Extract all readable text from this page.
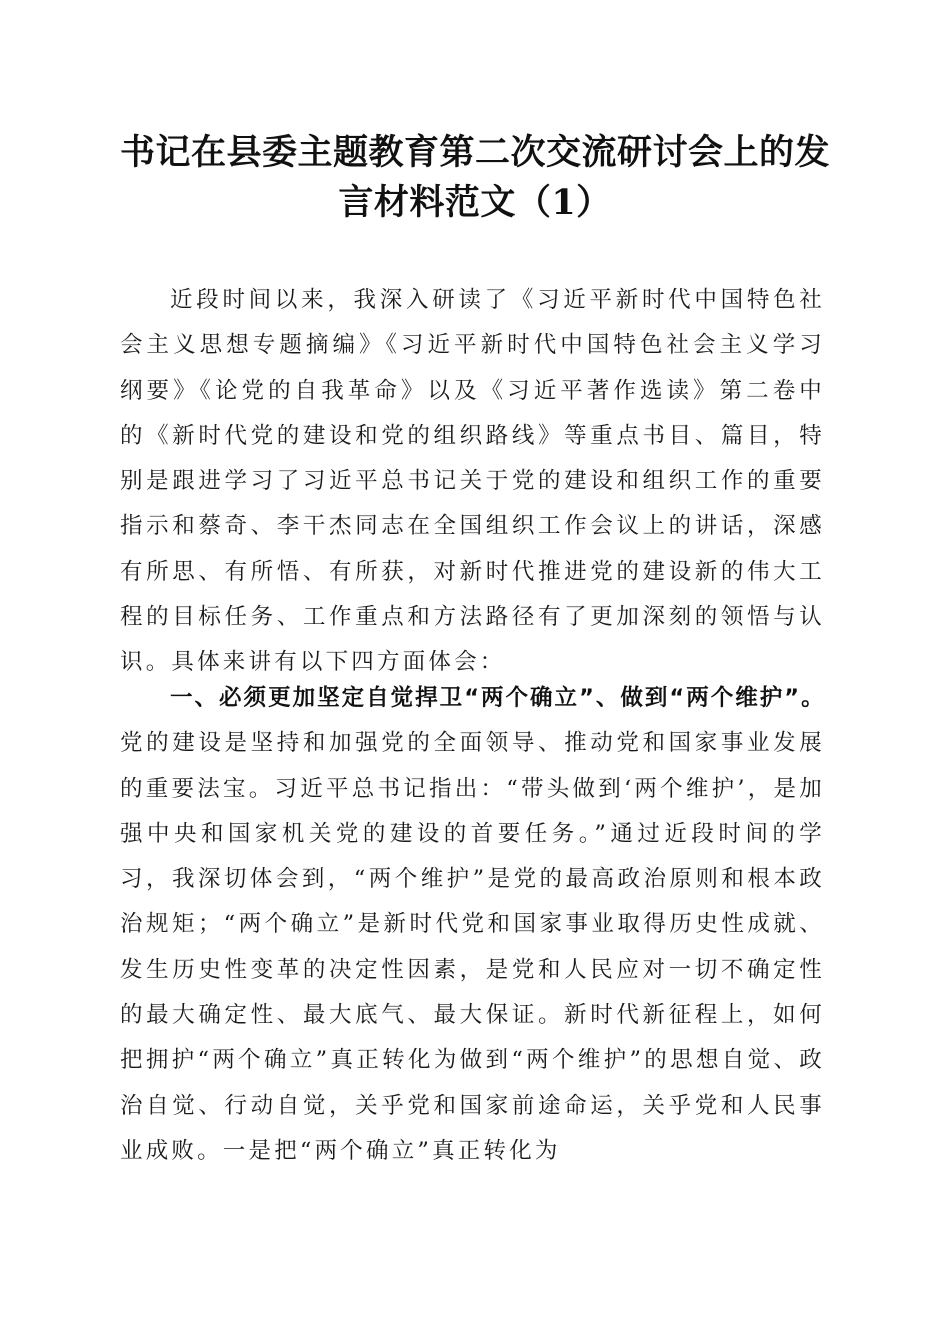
书记在县委主题教育第二次交流研讨会上的发言材料范文（1）

近段时间以来，我深入研读了《习近平新时代中国特色社会主义思想专题摘编》《习近平新时代中国特色社会主义学习纲要》《论党的自我革命》以及《习近平著作选读》第二卷中的《新时代党的建设和党的组织路线》等重点书目、篇目，特别是跟进学习了习近平总书记关于党的建设和组织工作的重要指示和蔡奇、李干杰同志在全国组织工作会议上的讲话，深感有所思、有所悟、有所获，对新时代推进党的建设新的伟大工程的目标任务、工作重点和方法路径有了更加深刻的领悟与认识。具体来讲有以下四方面体会：

一、必须更加坚定自觉捍卫“两个确立”、做到“两个维护”。党的建设是坚持和加强党的全面领导、推动党和国家事业发展的重要法宝。习近平总书记指出：“带头做到‘两个维护’，是加强中央和国家机关党的建设的首要任务。”通过近段时间的学习，我深切体会到，“两个维护”是党的最高政治原则和根本政治规矩；“两个确立”是新时代党和国家事业取得历史性成就、发生历史性变革的决定性因素，是党和人民应对一切不确定性的最大确定性、最大底气、最大保证。新时代新征程上，如何把拥护“两个确立”真正转化为做到“两个维护”的思想自觉、政治自觉、行动自觉，关乎党和国家前途命运，关乎党和人民事业成败。一是把“两个确立”真正转化为
